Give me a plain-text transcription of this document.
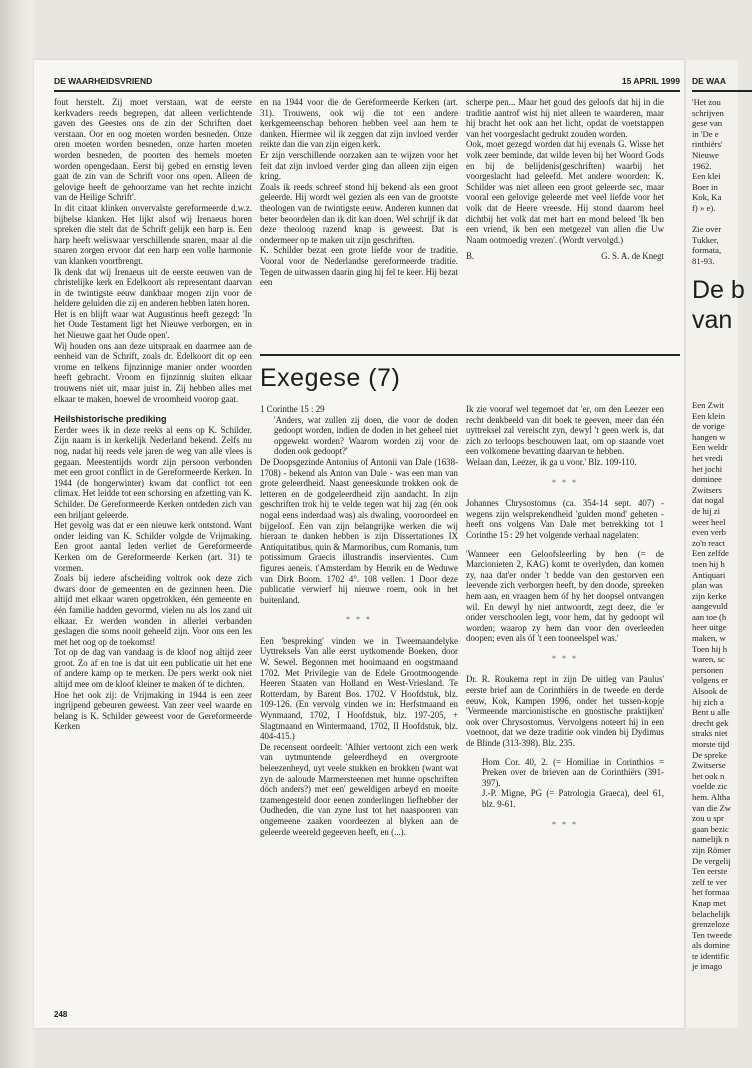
DE WAARHEIDSVRIEND	15 APRIL 1999

fout herstelt. Zij moet verstaan, wat de eerste kerkvaders reeds begrepen, dat alleen verlichtende gaven des Geestes ons de zin der Schriften doet verstaan. Oor en oog moeten worden besneden. Onze oren moeten worden besneden, onze harten moeten worden besneden, de poorten des hemels moeten worden opengedaan. Eerst bij gebed en ernstig leven gaat de zin van de Schrift voor ons open. Alleen de gelovige heeft de gehoorzame van het rechte inzicht van de Heilige Schrift'.

In dit citaat klinken onvervalste gereformeerde d.w.z. bijbelse klanken. Het lijkt alsof wij Irenaeus horen spreken die stelt dat de Schrift gelijk een harp is. Een harp heeft weliswaar verschillende snaren, maar al die snaren zorgen ervoor dat een harp een volle harmonie van klanken voortbrengt.

Ik denk dat wij Irenaeus uit de eerste eeuwen van de christelijke kerk en Edelkoort als representant daarvan in de twintigste eeuw dankbaar mogen zijn voor de heldere geluiden die zij en anderen hebben laten horen.

Het is en blijft waar wat Augustinus heeft gezegd: 'In het Oude Testament ligt het Nieuwe verborgen, en in het Nieuwe gaat het Oude open'.

Wij houden ons aan deze uitspraak en daarmee aan de eenheid van de Schrift, zoals dr. Edelkoort dit op een vrome en telkens fijnzinnige manier onder woorden heeft gebracht. Vroom en fijnzinnig sluiten elkaar trouwens niet uit, maar juist in. Zij hebben alles met elkaar te maken, hoewel de vroomheid voorop gaat.

Heilshistorische prediking

Eerder wees ik in deze reeks al eens op K. Schilder. Zijn naam is in kerkelijk Nederland bekend. Zelfs nu nog, nadat hij reeds vele jaren de weg van alle vlees is gegaan. Meestentijds wordt zijn persoon verbonden met een groot conflict in de Gereformeerde Kerken. In 1944 (de hongerwinter) kwam dat conflict tot een climax. Het leidde tot een schorsing en afzetting van K. Schilder. De Gereformeerde Kerken ontdeden zich van een briljant geleerde.

Het gevolg was dat er een nieuwe kerk ontstond. Want onder leiding van K. Schilder volgde de Vrijmaking. Een groot aantal leden verliet de Gereformeerde Kerken om de Gereformeerde Kerken (art. 31) te vormen.

Zoals bij iedere afscheiding voltrok ook deze zich dwars door de gemeenten en de gezinnen heen. Die altijd met elkaar waren opgetrokken, één gemeente en één familie hadden gevormd, vielen nu als los zand uit elkaar. Er werden wonden in allerlei verbanden geslagen die soms nooit geheeld zijn. Voor ons een les met het oog op de toekomst!

Tot op de dag van vandaag is de kloof nog altijd zeer groot. Zo af en toe is dat uit een publicatie uit het ene of andere kamp op te merken. De pers werkt ook niet altijd mee om de kloof kleiner te maken óf te dichten.

Hoe het ook zij: de Vrijmaking in 1944 is een zeer ingrijpend gebeuren geweest. Van zeer veel waarde en belang is K. Schilder geweest voor de Gereformeerde Kerken

en na 1944 voor die de Gereformeerde Kerken (art. 31). Trouwens, ook wij die tot een andere kerkgemeenschap behoren hebben veel aan hem te danken. Hiermee wil ik zeggen dat zijn invloed verder reikte dan die van zijn eigen kerk.

Er zijn verschillende oorzaken aan te wijzen voor het feit dat zijn invloed verder ging dan alleen zijn eigen kring.

Zoals ik reeds schreef stond hij bekend als een groot geleerde. Hij wordt wel gezien als een van de grootste theologen van de twintigste eeuw. Anderen kunnen dat beter beoordelen dan ik dit kan doen. Wel schrijf ik dat deze theoloog razend knap is geweest. Dat is ondermeer op te maken uit zijn geschriften.

K. Schilder bezat een grote liefde voor de traditie. Vooral voor de Nederlandse gereformeerde traditie. Tegen de uitwassen daarin ging hij fel te keer. Hij bezat een

scherpe pen... Maar het goud des geloofs dat hij in die traditie aantrof wist hij niet alleen te waarderen, maar hij bracht het ook aan het licht, opdat de voetstappen van het voorgeslacht gedrukt zouden worden.

Ook, moet gezegd worden dat hij evenals G. Wisse het volk zeer beminde, dat wilde leven bij het Woord Gods en bij de belijdenis(geschriften) waarbij het voorgeslacht had geleefd. Met andere woorden: K. Schilder was niet alleen een groot geleerde sec, maar vooral een gelovige geleerde met veel liefde voor het volk dat de Heere vreesde. Hij stond daarom heel dichtbij het volk dat met hart en mond beleed 'Ik ben een vriend, ik ben een metgezel van allen die Uw Naam ootmoedig vrezen'. (Wordt vervolgd.)

B.	G. S. A. de Knegt

Exegese (7)

1 Corinthe 15 : 29

'Anders, wat zullen zij doen, die voor de doden gedoopt worden, indien de doden in het geheel niet opgewekt worden? Waarom worden zij voor de doden ook gedoopt?'

De Doopsgezinde Antonius of Antonii van Dale (1638-1708) - bekend als Anton van Dale - was een man van grote geleerdheid. Naast geneeskunde trokken ook de letteren en de godgeleerdheid zijn aandacht. In zijn geschriften trok hij te velde tegen wat hij zag (én ook nogal eens inderdaad was) als dwaling, vooroordeel en bijgeloof. Een van zijn belangrijke werken die wij hieraan te danken hebben is zijn Dissertationes IX Antiquitatibus, quin & Marmoribus, cum Romanis, tum potissimum Graecis illustrandis inservientes. Cum figures aeneis. t'Amsterdam by Henrik en de Weduwe van Dirk Boom. 1702 4°. 108 vellen. 1 Door deze publicatie verwierf hij nieuwe roem, ook in het buitenland.

* * *

Een 'bespreking' vinden we in Tweemaandelyke Uyttreksels Van alle eerst uytkomende Boeken, door W. Sewel. Begonnen met hooimaand en oogstmaand 1702. Met Privilegie van de Edele Grootmoogende Heeren Staaten van Holland en West-Vriesland. Te Rotterdam, by Barent Bos. 1702. V Hoofdstuk, blz. 109-126. (En vervolg vinden we in: Herfstmaand en Wynmaand, 1702, I Hoofdstuk, blz. 197-205, + Slagtmaand en Wintermaand, 1702, II Hoofdstuk, blz. 404-415.)

De recensent oordeelt: 'Alhier vertoont zich een werk van uytmuntende geleerdheyd en overgroote beleezenheyd, uyt veele stukken en brokken (want wat zyn de aaloude Marmersteenen met hunne opschriften dóch anders?) met een' geweldigen arbeyd en moeite tzamengesteld door eenen zonderlingen liefhebber der Oudheden, die van zyne lust tot het naaspooren van ongemeene zaaken voordeezen al blyken aan de geleerde weereld gegeeven heeft, en (...).

Ik zie vooraf wel tegemoet dat 'er, om den Leezer een recht denkbeeld van dit boek te geeven, meer dan één uyttreksel zal vereischt zyn, dewyl 't geen werk is, dat zich zo terloops beschouwen laat, om op staande voet een volkomene bevatting daarvan te hebben.

Welaan dan, Leezer, ik ga u voor.' Blz. 109-110.

* * *

Johannes Chrysostomus (ca. 354-14 sept. 407) - wegens zijn welsprekendheid 'gulden mond' geheten - heeft ons volgens Van Dale met betrekking tot 1 Corinthe 15 : 29 het volgende verhaal nagelaten:

'Wanneer een Geloofsleerling by hen (= de Marcionieten 2, KAG) komt te overlyden, dan komen zy, naa dat'er onder 't bedde van den gestorven een leevende zich verborgen heeft, by den doode, spreeken hem aan, en vraagen hem óf hy het doopsel ontvangen wil. En dewyl hy niet antwoordt, zegt deez, die 'er onder verschoolen legt, voor hem, dat hy gedoopt wil worden; waarop zy hem dan voor den overleeden doopen; even als óf 't een tooneelspel was.'

* * *

Dr. R. Roukema rept in zijn De uitleg van Paulus' eerste brief aan de Corinthiërs in de tweede en derde eeuw, Kok, Kampen 1996, onder het tussen-kopje 'Vermeende marcionistische en gnostische praktijken' ook over Chrysostomus. Vervolgens noteert hij in een voetnoot, dat we deze traditie ook vinden bij Dydimus de Blinde (313-398). Blz. 235.

Hom Cor. 40, 2. (= Homiliae in Corinthios = Preken over de brieven aan de Corinthiërs (391-397).

J.-P. Migne, PG (= Patrologia Graeca), deel 61, blz. 9-61.

* * *

248
DE WAA
'Het zou
schrijven
gese van
in 'De e
rinthiërs'
Nieuwe
1962.
Een klei
Boer in
Kok, Ka
f) » e).

Zie over
Tukker,
formata,
81-93.
De b
van
Een Zwit
Een klein
de vorige
hangen w
Een weldr
het vredi
het jochi
dominee
Zwitsers
dat nogal
de hij zi
weer heel
even verb
zo'n react
Een zelfde
toen hij h
Antiquari
plan was
zijn kerke
aangevuld
aan toe (h
heer uitge
maken, w
Toen hij h
waren, sc
personen
volgens er
Alsook de
hij zich a
Bent u alle
drecht gek
straks niet
morste tijd
De spreke
Zwitserse
het ook n
voelde zic
hem. Altha
van die Zw
zou u spr
gaan bezic
namelijk n
zijn Römer
De vergelij
Ten eerste
zelf te ver
het formaa
Knap met
belachelijk
grenzeloze
Ten tweede
als domine
te identific
je imago
